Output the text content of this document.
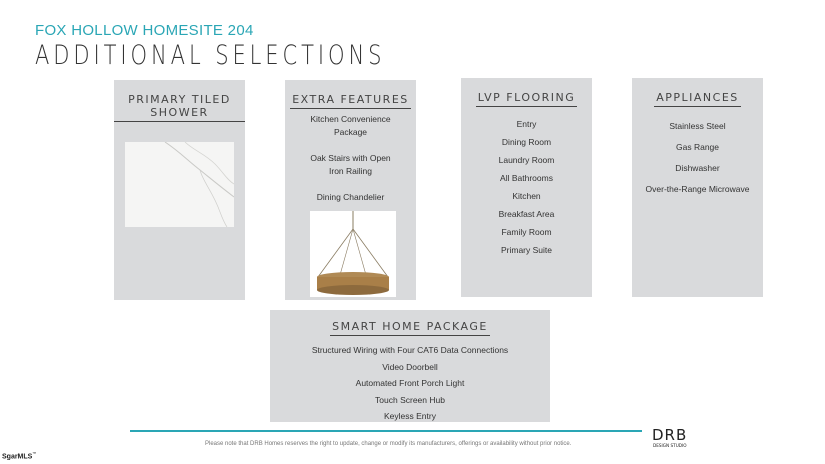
FOX HOLLOW HOMESITE 204
ADDITIONAL SELECTIONS
PRIMARY TILED SHOWER
EXTRA FEATURES
Kitchen Convenience Package
Oak Stairs with Open Iron Railing
Dining Chandelier
LVP FLOORING
Entry
Dining Room
Laundry Room
All Bathrooms
Kitchen
Breakfast Area
Family Room
Primary Suite
APPLIANCES
Stainless Steel
Gas Range
Dishwasher
Over-the-Range Microwave
SMART HOME PACKAGE
Structured Wiring with Four CAT6 Data Connections
Video Doorbell
Automated Front Porch Light
Touch Screen Hub
Keyless Entry
Please note that DRB Homes reserves the right to update, change or modify its manufacturers, offerings or availability without prior notice.	DRB
DESIGN STUDIO
SgarMLS™
